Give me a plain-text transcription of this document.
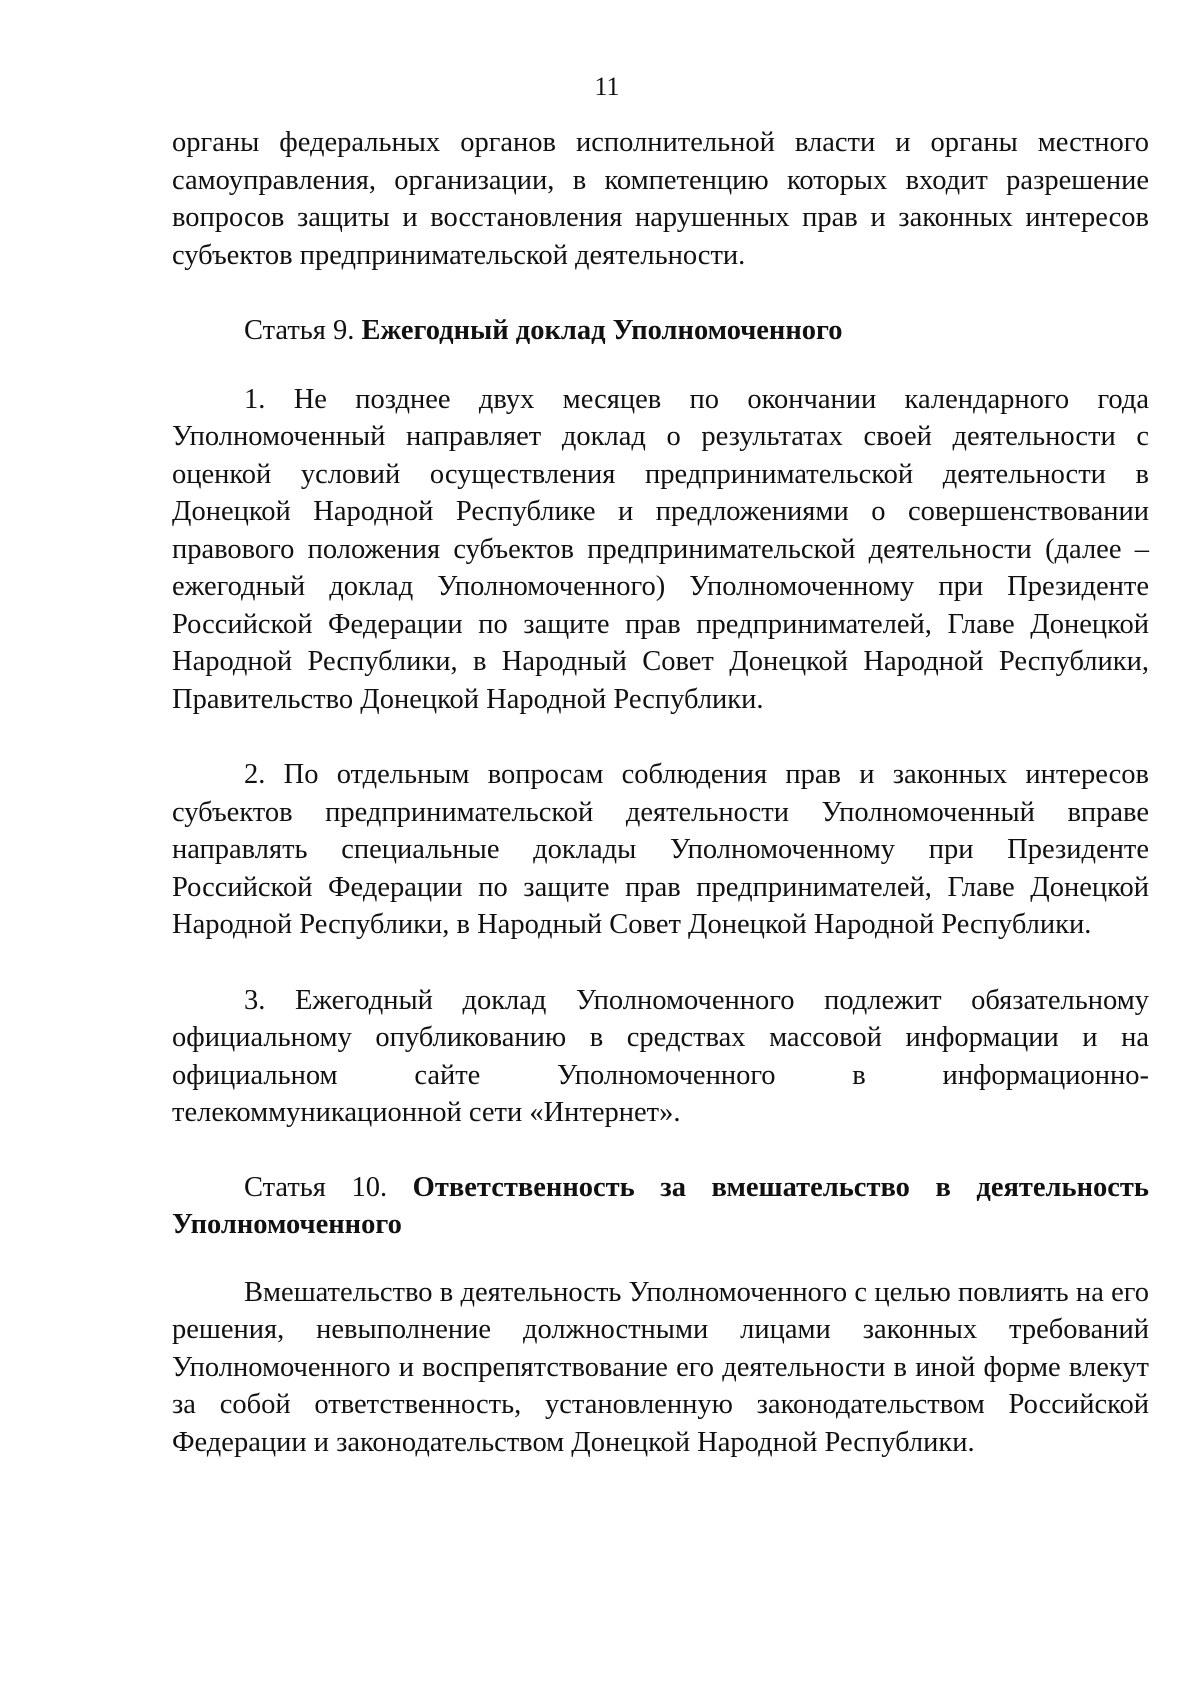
11

органы федеральных органов исполнительной власти и органы местного самоуправления, организации, в компетенцию которых входит разрешение вопросов защиты и восстановления нарушенных прав и законных интересов субъектов предпринимательской деятельности.

Статья 9. Ежегодный доклад Уполномоченного

1. Не позднее двух месяцев по окончании календарного года Уполномоченный направляет доклад о результатах своей деятельности с оценкой условий осуществления предпринимательской деятельности в Донецкой Народной Республике и предложениями о совершенствовании правового положения субъектов предпринимательской деятельности (далее – ежегодный доклад Уполномоченного) Уполномоченному при Президенте Российской Федерации по защите прав предпринимателей, Главе Донецкой Народной Республики, в Народный Совет Донецкой Народной Республики, Правительство Донецкой Народной Республики.

2. По отдельным вопросам соблюдения прав и законных интересов субъектов предпринимательской деятельности Уполномоченный вправе направлять специальные доклады Уполномоченному при Президенте Российской Федерации по защите прав предпринимателей, Главе Донецкой Народной Республики, в Народный Совет Донецкой Народной Республики.

3. Ежегодный доклад Уполномоченного подлежит обязательному официальному опубликованию в средствах массовой информации и на официальном сайте Уполномоченного в информационно-телекоммуникационной сети «Интернет».

Статья 10. Ответственность за вмешательство в деятельность Уполномоченного

Вмешательство в деятельность Уполномоченного с целью повлиять на его решения, невыполнение должностными лицами законных требований Уполномоченного и воспрепятствование его деятельности в иной форме влекут за собой ответственность, установленную законодательством Российской Федерации и законодательством Донецкой Народной Республики.
